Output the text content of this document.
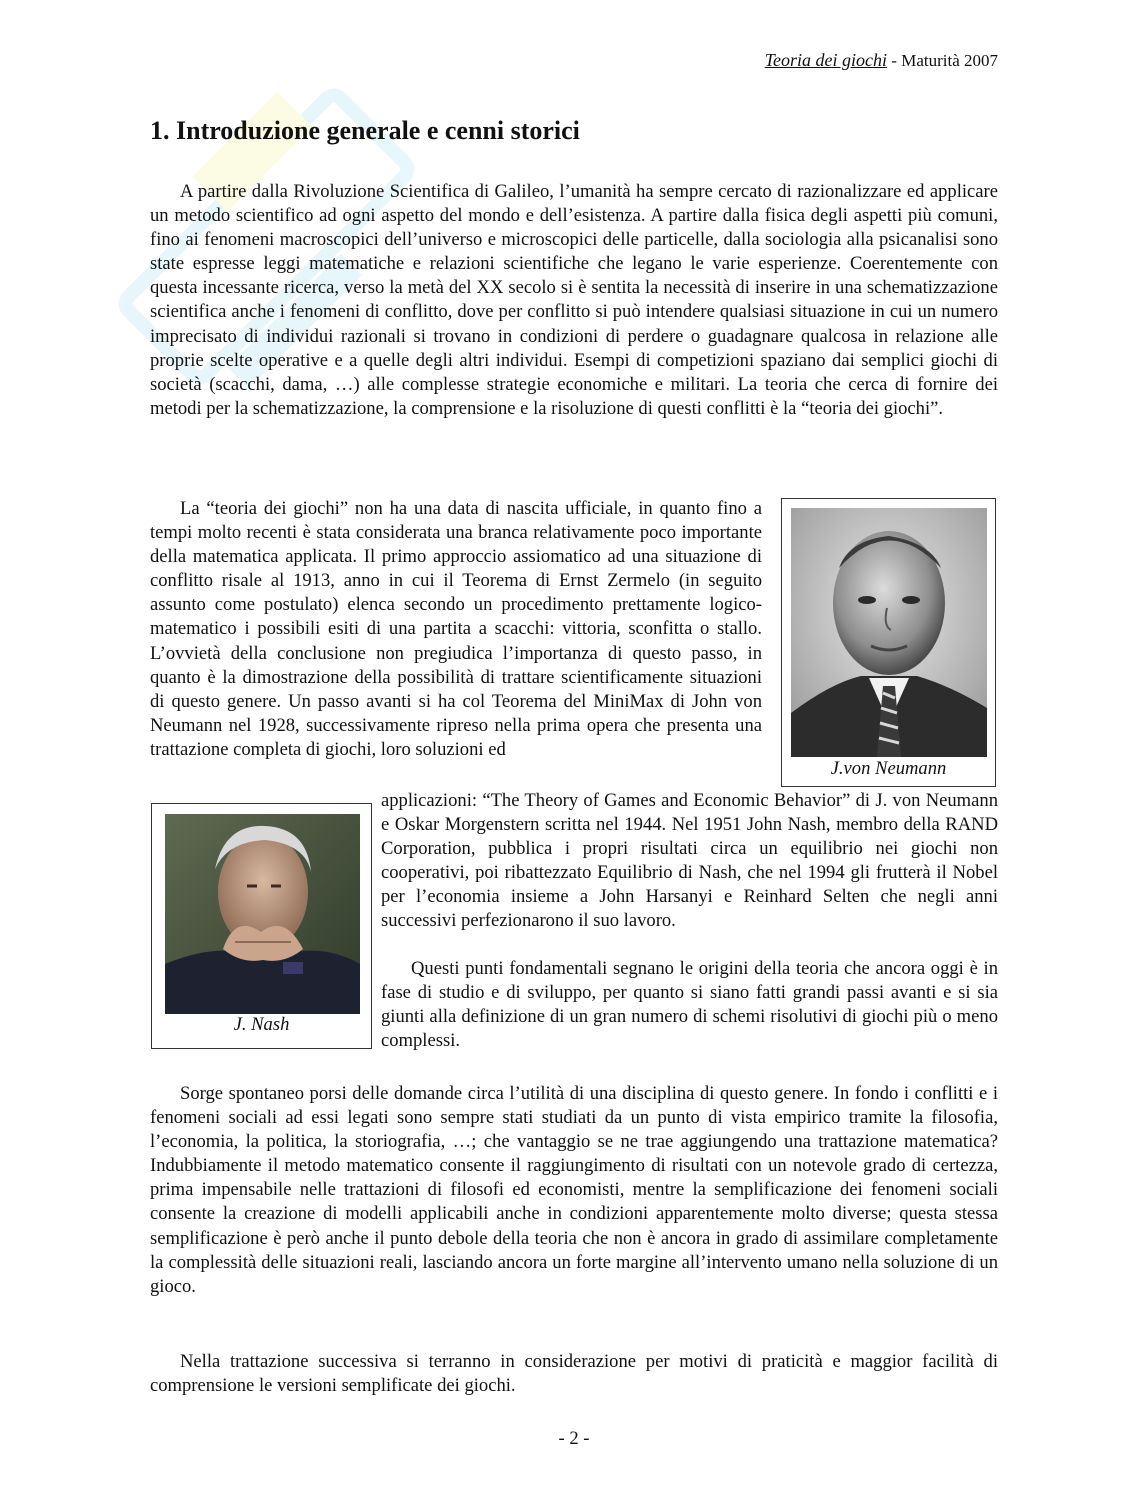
Teoria dei giochi - Maturità 2007
1. Introduzione generale e cenni storici

A partire dalla Rivoluzione Scientifica di Galileo, l’umanità ha sempre cercato di razionalizzare ed applicare un metodo scientifico ad ogni aspetto del mondo e dell’esistenza. A partire dalla fisica degli aspetti più comuni, fino ai fenomeni macroscopici dell’universo e microscopici delle particelle, dalla sociologia alla psicanalisi sono state espresse leggi matematiche e relazioni scientifiche che legano le varie esperienze. Coerentemente con questa incessante ricerca, verso la metà del XX secolo si è sentita la necessità di inserire in una schematizzazione scientifica anche i fenomeni di conflitto, dove per conflitto si può intendere qualsiasi situazione in cui un numero imprecisato di individui razionali si trovano in condizioni di perdere o guadagnare qualcosa in relazione alle proprie scelte operative e a quelle degli altri individui. Esempi di competizioni spaziano dai semplici giochi di società (scacchi, dama, …) alle complesse strategie economiche e militari. La teoria che cerca di fornire dei metodi per la schematizzazione, la comprensione e la risoluzione di questi conflitti è la “teoria dei giochi”.

La “teoria dei giochi” non ha una data di nascita ufficiale, in quanto fino a tempi molto recenti è stata considerata una branca relativamente poco importante della matematica applicata. Il primo approccio assiomatico ad una situazione di conflitto risale al 1913, anno in cui il Teorema di Ernst Zermelo (in seguito assunto come postulato) elenca secondo un procedimento prettamente logico-matematico i possibili esiti di una partita a scacchi: vittoria, sconfitta o stallo. L’ovvietà della conclusione non pregiudica l’importanza di questo passo, in quanto è la dimostrazione della possibilità di trattare scientificamente situazioni di questo genere. Un passo avanti si ha col Teorema del MiniMax di John von Neumann nel 1928, successivamente ripreso nella prima opera che presenta una trattazione completa di giochi, loro soluzioni ed

J.von Neumann

applicazioni: “The Theory of Games and Economic Behavior” di J. von Neumann e Oskar Morgenstern scritta nel 1944. Nel 1951 John Nash, membro della RAND Corporation, pubblica i propri risultati circa un equilibrio nei giochi non cooperativi, poi ribattezzato Equilibrio di Nash, che nel 1994 gli frutterà il Nobel per l’economia insieme a John Harsanyi e Reinhard Selten che negli anni successivi perfezionarono il suo lavoro.

Questi punti fondamentali segnano le origini della teoria che ancora oggi è in fase di studio e di sviluppo, per quanto si siano fatti grandi passi avanti e si sia giunti alla definizione di un gran numero di schemi risolutivi di giochi più o meno complessi.

J. Nash

Sorge spontaneo porsi delle domande circa l’utilità di una disciplina di questo genere. In fondo i conflitti e i fenomeni sociali ad essi legati sono sempre stati studiati da un punto di vista empirico tramite la filosofia, l’economia, la politica, la storiografia, …; che vantaggio se ne trae aggiungendo una trattazione matematica? Indubbiamente il metodo matematico consente il raggiungimento di risultati con un notevole grado di certezza, prima impensabile nelle trattazioni di filosofi ed economisti, mentre la semplificazione dei fenomeni sociali consente la creazione di modelli applicabili anche in condizioni apparentemente molto diverse; questa stessa semplificazione è però anche il punto debole della teoria che non è ancora in grado di assimilare completamente la complessità delle situazioni reali, lasciando ancora un forte margine all’intervento umano nella soluzione di un gioco.

Nella trattazione successiva si terranno in considerazione per motivi di praticità e maggior facilità di comprensione le versioni semplificate dei giochi.

- 2 -
